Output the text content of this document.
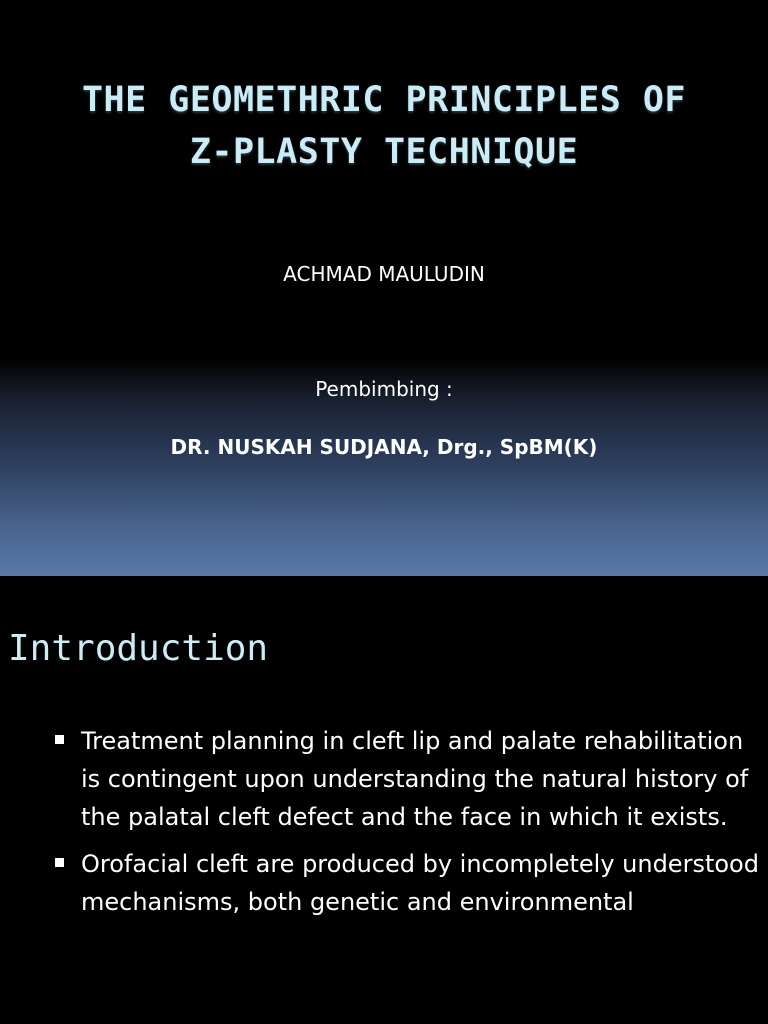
THE GEOMETHRIC PRINCIPLES OF
Z-PLASTY TECHNIQUE
ACHMAD MAULUDIN
Pembimbing :
DR. NUSKAH SUDJANA, Drg., SpBM(K)
Introduction
Treatment planning in cleft lip and palate rehabilitation is contingent upon understanding the natural history of the palatal cleft defect and the face in which it exists.
Orofacial cleft are produced by incompletely understood mechanisms, both genetic and environmental
